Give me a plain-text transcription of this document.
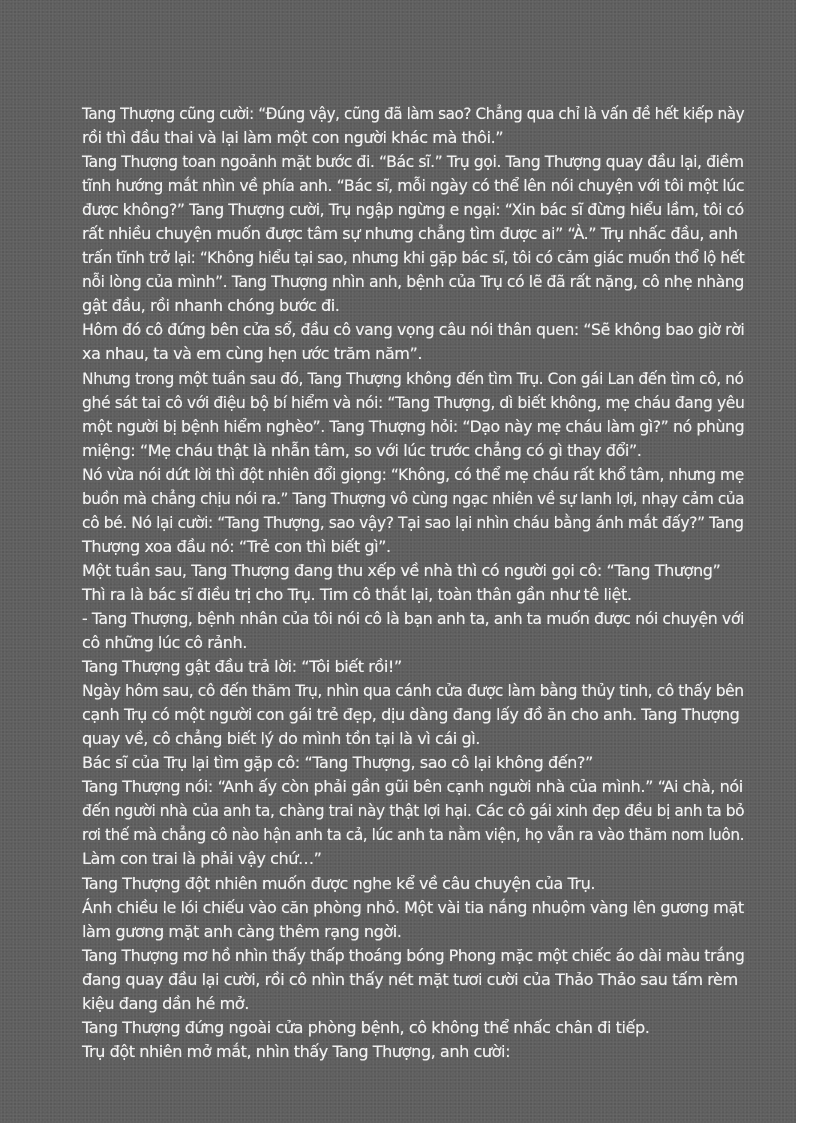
Tang Thượng cũng cười: “Đúng vậy, cũng đã làm sao? Chẳng qua chỉ là vấn đề hết kiếp này
rồi thì đầu thai và lại làm một con người khác mà thôi.”
Tang Thượng toan ngoảnh mặt bước đi. “Bác sĩ.” Trụ gọi. Tang Thượng quay đầu lại, điềm
tĩnh hướng mắt nhìn về phía anh. “Bác sĩ, mỗi ngày có thể lên nói chuyện với tôi một lúc
được không?” Tang Thượng cười, Trụ ngập ngừng e ngại: “Xin bác sĩ đừng hiểu lầm, tôi có
rất nhiều chuyện muốn được tâm sự nhưng chẳng tìm được ai” “À.” Trụ nhấc đầu, anh
trấn tĩnh trở lại: “Không hiểu tại sao, nhưng khi gặp bác sĩ, tôi có cảm giác muốn thổ lộ hết
nỗi lòng của mình”. Tang Thượng nhìn anh, bệnh của Trụ có lẽ đã rất nặng, cô nhẹ nhàng
gật đầu, rồi nhanh chóng bước đi.
Hôm đó cô đứng bên cửa sổ, đầu cô vang vọng câu nói thân quen: “Sẽ không bao giờ rời
xa nhau, ta và em cùng hẹn ước trăm năm”.
Nhưng trong một tuần sau đó, Tang Thượng không đến tìm Trụ. Con gái Lan đến tìm cô, nó
ghé sát tai cô với điệu bộ bí hiểm và nói: “Tang Thượng, dì biết không, mẹ cháu đang yêu
một người bị bệnh hiểm nghèo”. Tang Thượng hỏi: “Dạo này mẹ cháu làm gì?” nó phùng
miệng: “Mẹ cháu thật là nhẫn tâm, so với lúc trước chẳng có gì thay đổi”.
Nó vừa nói dứt lời thì đột nhiên đổi giọng: “Không, có thể mẹ cháu rất khổ tâm, nhưng mẹ
buồn mà chẳng chịu nói ra.” Tang Thượng vô cùng ngạc nhiên về sự lanh lợi, nhạy cảm của
cô bé. Nó lại cười: “Tang Thượng, sao vậy? Tại sao lại nhìn cháu bằng ánh mắt đấy?” Tang
Thượng xoa đầu nó: “Trẻ con thì biết gì”.
Một tuần sau, Tang Thượng đang thu xếp về nhà thì có người gọi cô: “Tang Thượng”
Thì ra là bác sĩ điều trị cho Trụ. Tim cô thắt lại, toàn thân gần như tê liệt.
- Tang Thượng, bệnh nhân của tôi nói cô là bạn anh ta, anh ta muốn được nói chuyện với
cô những lúc cô rảnh.
Tang Thượng gật đầu trả lời: “Tôi biết rồi!”
Ngày hôm sau, cô đến thăm Trụ, nhìn qua cánh cửa được làm bằng thủy tinh, cô thấy bên
cạnh Trụ có một người con gái trẻ đẹp, dịu dàng đang lấy đồ ăn cho anh. Tang Thượng
quay về, cô chẳng biết lý do mình tồn tại là vì cái gì.
Bác sĩ của Trụ lại tìm gặp cô: “Tang Thượng, sao cô lại không đến?”
Tang Thượng nói: “Anh ấy còn phải gần gũi bên cạnh người nhà của mình.” “Ai chà, nói
đến người nhà của anh ta, chàng trai này thật lợi hại. Các cô gái xinh đẹp đều bị anh ta bỏ
rơi thế mà chẳng cô nào hận anh ta cả, lúc anh ta nằm viện, họ vẫn ra vào thăm nom luôn.
Làm con trai là phải vậy chứ…”
Tang Thượng đột nhiên muốn được nghe kể về câu chuyện của Trụ.
Ánh chiều le lói chiếu vào căn phòng nhỏ. Một vài tia nắng nhuộm vàng lên gương mặt
làm gương mặt anh càng thêm rạng ngời.
Tang Thượng mơ hồ nhìn thấy thấp thoáng bóng Phong mặc một chiếc áo dài màu trắng
đang quay đầu lại cười, rồi cô nhìn thấy nét mặt tươi cười của Thảo Thảo sau tấm rèm
kiệu đang dần hé mở.
Tang Thượng đứng ngoài cửa phòng bệnh, cô không thể nhấc chân đi tiếp.
Trụ đột nhiên mở mắt, nhìn thấy Tang Thượng, anh cười:
